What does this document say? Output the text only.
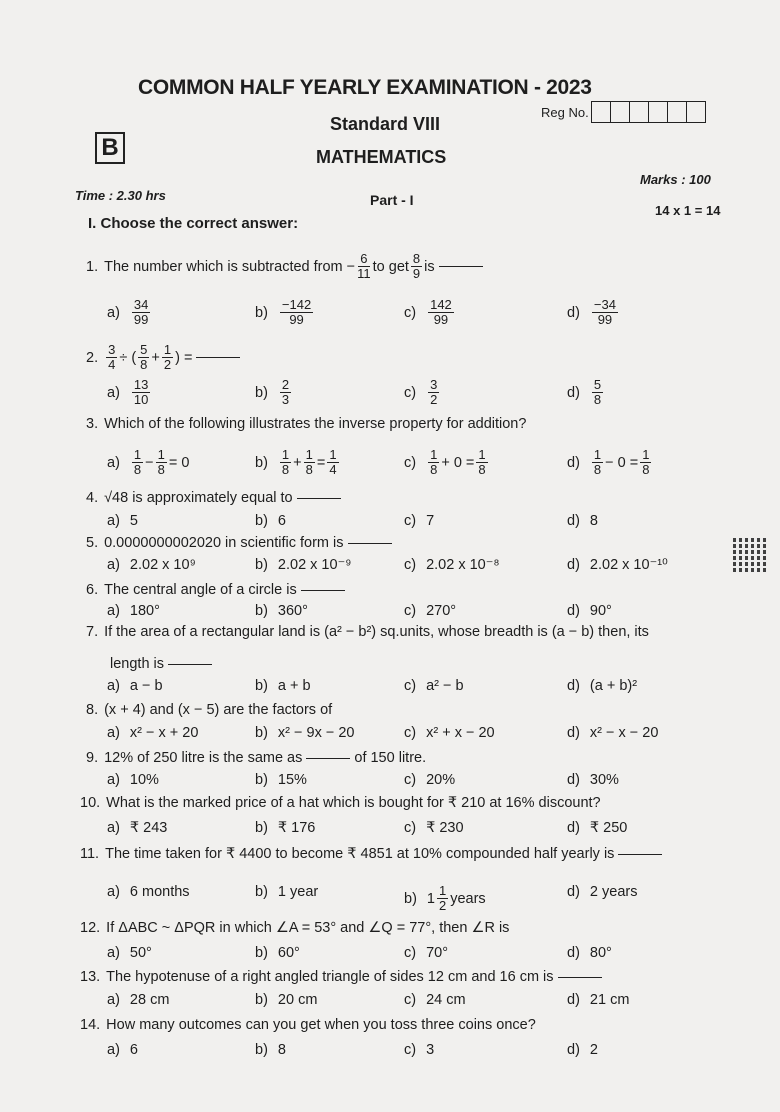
COMMON HALF YEARLY EXAMINATION - 2023
Standard VIII
MATHEMATICS
B
Reg No.
Time : 2.30 hrs
Marks : 100
Part - I
14 x 1 = 14
I. Choose the correct answer:
1. The number which is subtracted from − $\frac{6}{11}$ to get $\frac{8}{9}$ is
$a) \frac{34}{99}$	$b) \frac{-142}{99}$	$c) \frac{142}{99}$	$d) \frac{-34}{99}$
2. $\frac{3}{4}$ ÷ ( $\frac{5}{8} + \frac{1}{2}$ ) =
$a) \frac{13}{10}$	$b) \frac{2}{3}$	$c) \frac{3}{2}$	$d) \frac{5}{8}$
3. Which of the following illustrates the inverse property for addition?
$a) \frac{1}{8} - \frac{1}{8} = 0$	$b) \frac{1}{8} + \frac{1}{8} = \frac{1}{4}$	$c) \frac{1}{8} + 0 = \frac{1}{8}$	$d) \frac{1}{8} - 0 = \frac{1}{8}$
4. √48 is approximately equal to
a) 5	b) 6	c) 7	d) 8
5. 0.0000000002020 in scientific form is
a) 2.02 x 10⁹	b) 2.02 x 10⁻⁹	c) 2.02 x 10⁻⁸	d) 2.02 x 10⁻¹⁰
6. The central angle of a circle is
a) 180°	b) 360°	c) 270°	d) 90°
7. If the area of a rectangular land is (a² − b²) sq.units, whose breadth is (a − b) then, its
length is
a) a − b	b) a + b	c) a² − b	d) (a + b)²
8. (x + 4) and (x − 5) are the factors of
a) x² − x + 20	b) x² − 9x − 20	c) x² + x − 20	d) x² − x − 20
9. 12% of 250 litre is the same as	of 150 litre.
a) 10%	b) 15%	c) 20%	d) 30%
10. What is the marked price of a hat which is bought for ₹ 210 at 16% discount?
a) ₹ 243	b) ₹ 176	c) ₹ 230	d) ₹ 250
11. The time taken for ₹ 4400 to become ₹ 4851 at 10% compounded half yearly is
a) 6 months	b) 1 year	b) $1 \frac{1}{2}$ years	d) 2 years
12. If ΔABC ~ ΔPQR in which ∠A = 53° and ∠Q = 77°, then ∠R is
a) 50°	b) 60°	c) 70°	d) 80°
13. The hypotenuse of a right angled triangle of sides 12 cm and 16 cm is
a) 28 cm	b) 20 cm	c) 24 cm	d) 21 cm
14. How many outcomes can you get when you toss three coins once?
a) 6	b) 8	c) 3	d) 2
